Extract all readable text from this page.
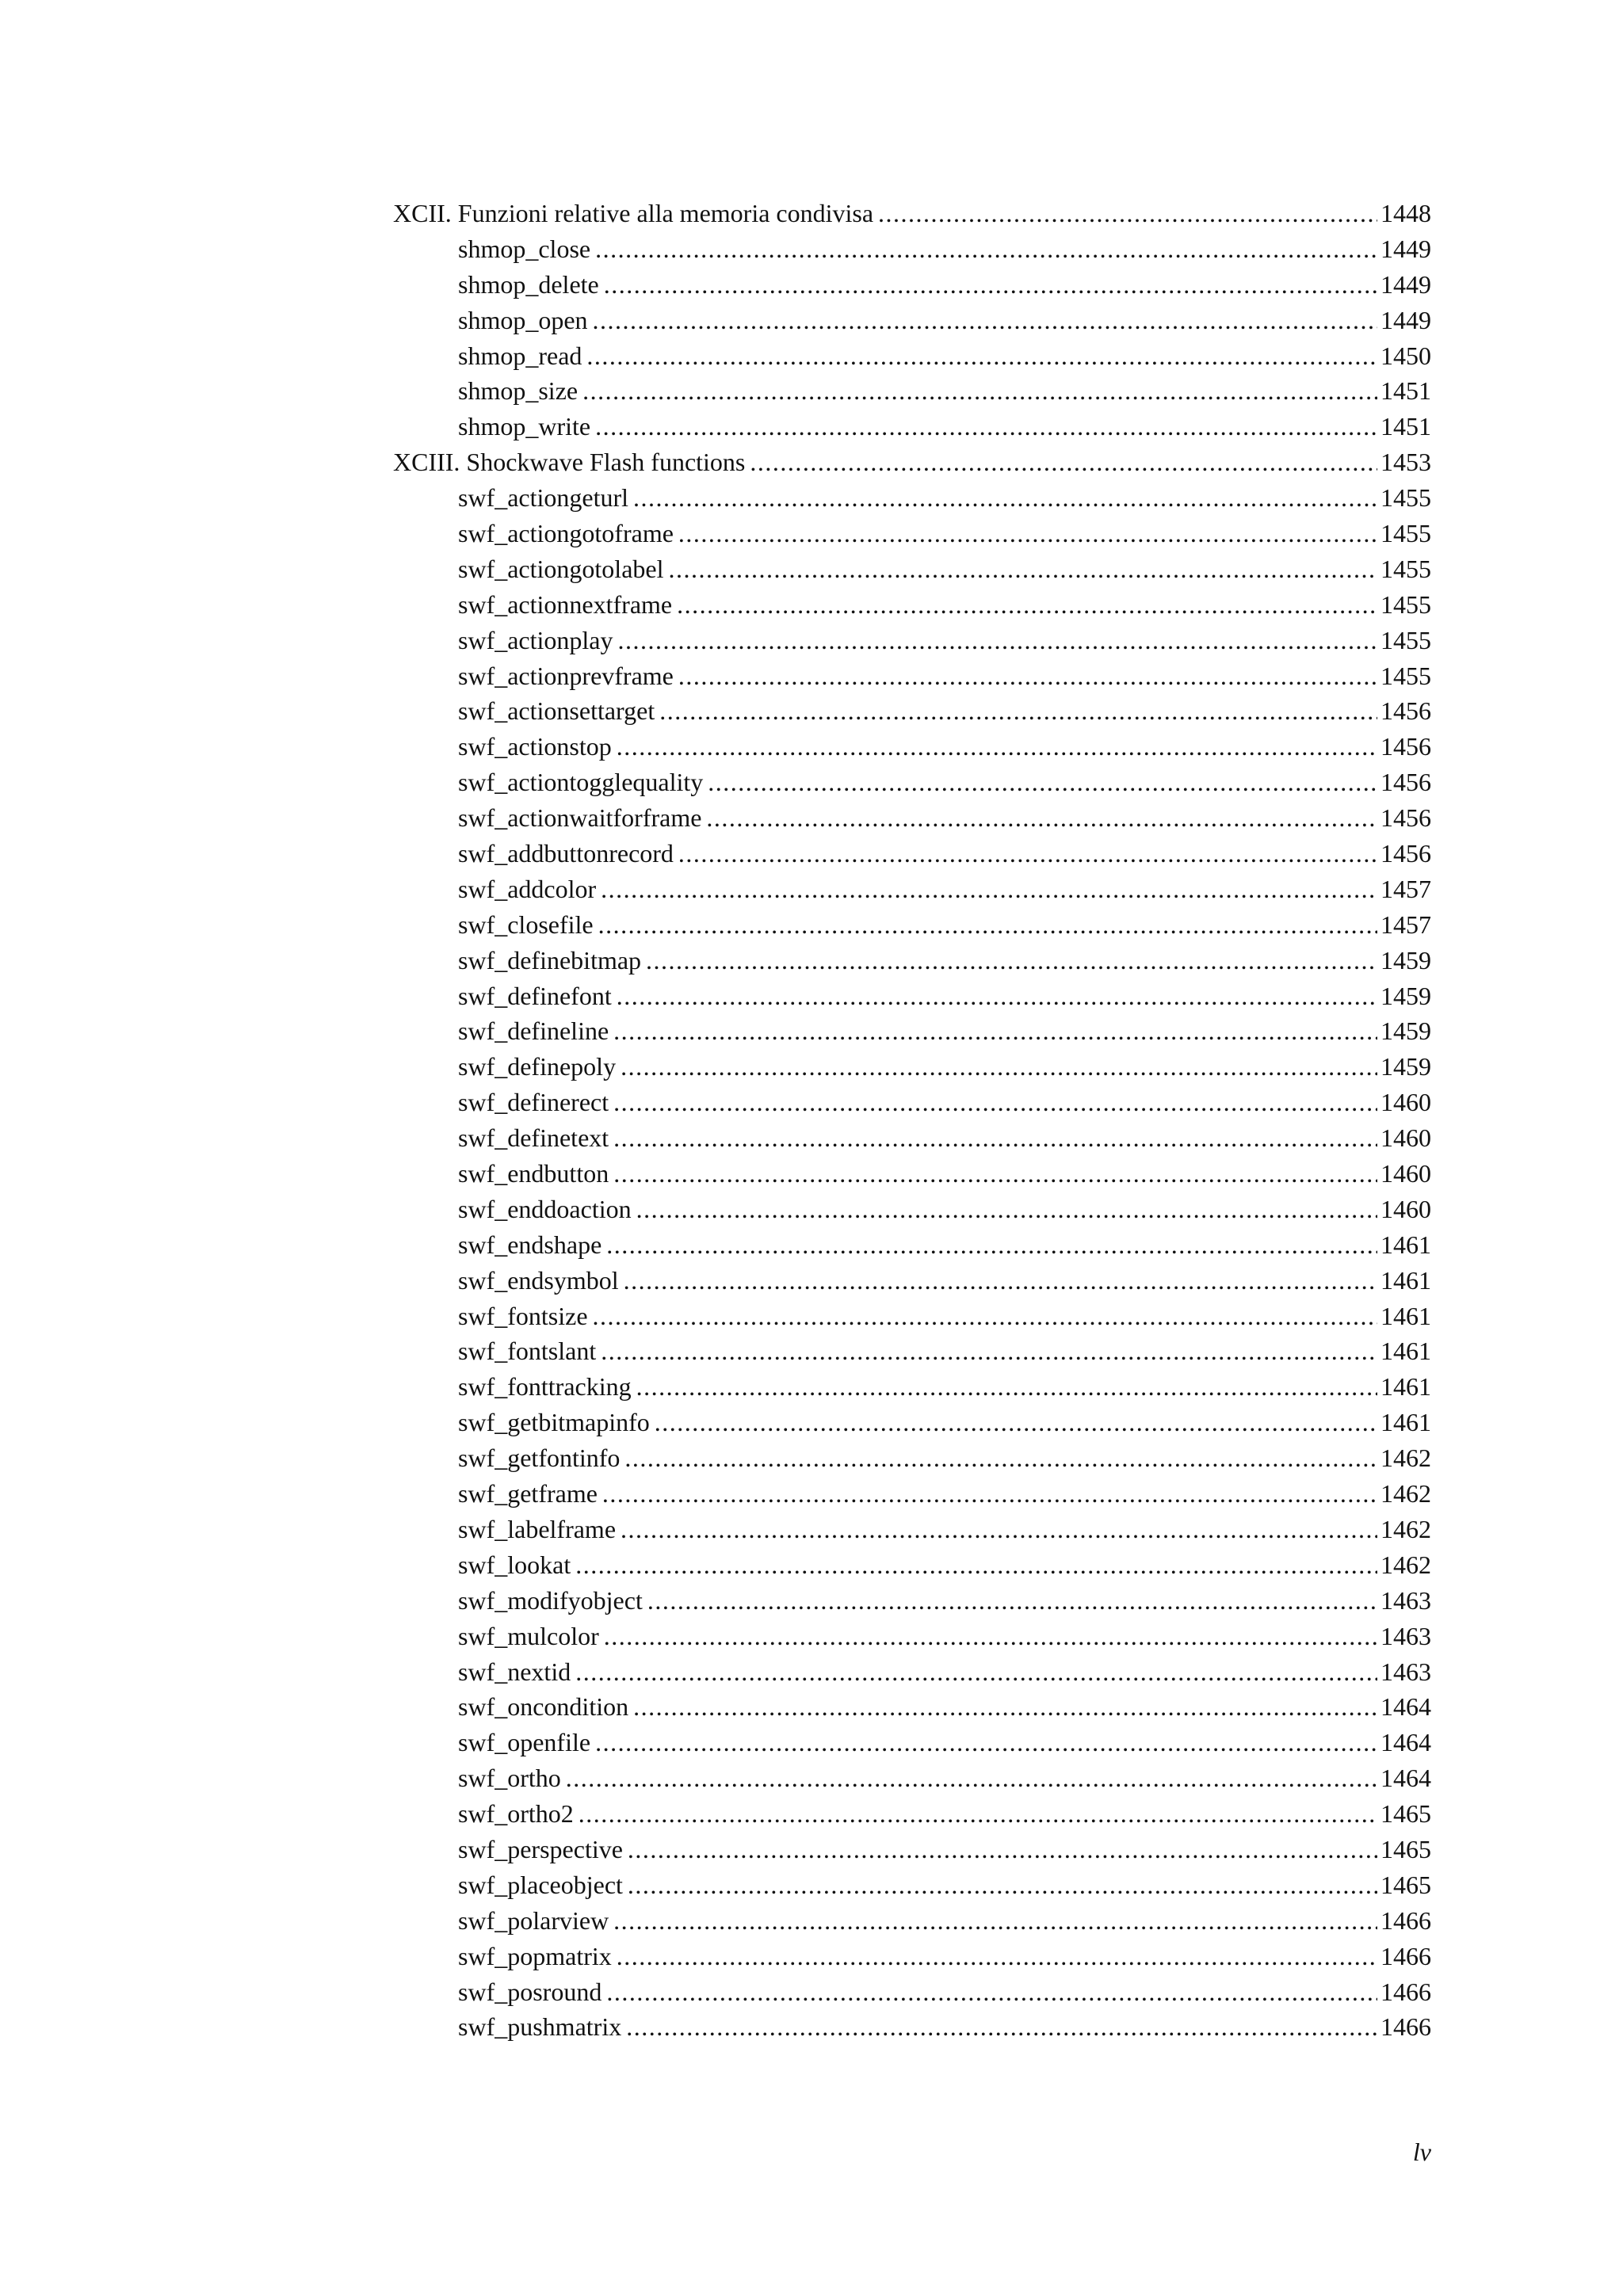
XCII. Funzioni relative alla memoria condivisa .....	1448
shmop_close .....	1449
shmop_delete .....	1449
shmop_open .....	1449
shmop_read .....	1450
shmop_size .....	1451
shmop_write .....	1451
XCIII. Shockwave Flash functions .....	1453
swf_actiongeturl .....	1455
swf_actiongotoframe .....	1455
swf_actiongotolabel .....	1455
swf_actionnextframe .....	1455
swf_actionplay .....	1455
swf_actionprevframe .....	1455
swf_actionsettarget .....	1456
swf_actionstop .....	1456
swf_actiontogglequality .....	1456
swf_actionwaitforframe .....	1456
swf_addbuttonrecord .....	1456
swf_addcolor .....	1457
swf_closefile .....	1457
swf_definebitmap .....	1459
swf_definefont .....	1459
swf_defineline .....	1459
swf_definepoly .....	1459
swf_definerect .....	1460
swf_definetext .....	1460
swf_endbutton .....	1460
swf_enddoaction .....	1460
swf_endshape .....	1461
swf_endsymbol .....	1461
swf_fontsize .....	1461
swf_fontslant .....	1461
swf_fonttracking .....	1461
swf_getbitmapinfo .....	1461
swf_getfontinfo .....	1462
swf_getframe .....	1462
swf_labelframe .....	1462
swf_lookat .....	1462
swf_modifyobject .....	1463
swf_mulcolor .....	1463
swf_nextid .....	1463
swf_oncondition .....	1464
swf_openfile .....	1464
swf_ortho .....	1464
swf_ortho2 .....	1465
swf_perspective .....	1465
swf_placeobject .....	1465
swf_polarview .....	1466
swf_popmatrix .....	1466
swf_posround .....	1466
swf_pushmatrix .....	1466
lv
